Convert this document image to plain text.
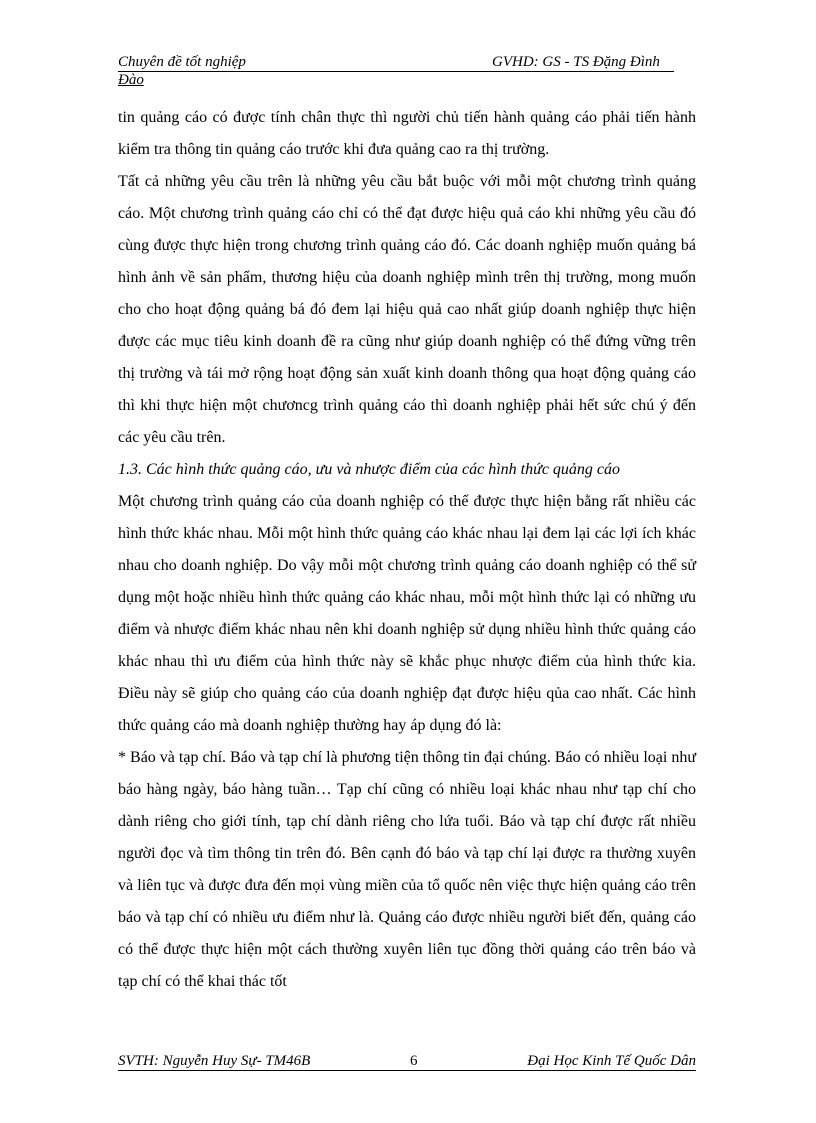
Chuyên đề tốt nghiệp	GVHD: GS - TS Đặng Đình
Đào

tin quảng cáo có được tính chân thực thì người chủ tiến hành quảng cáo phải tiến hành kiểm tra thông tin quảng cáo trước khi đưa quảng cao ra thị trường.

Tất cả những yêu cầu trên là những yêu cầu bắt buộc với mỗi một chương trình quảng cáo. Một chương trình quảng cáo chỉ có thể đạt được hiệu quả cáo khi những yêu cầu đó cùng được thực hiện trong chương trình quảng cáo đó. Các doanh nghiệp muốn quảng bá hình ảnh về sản phẩm, thương hiệu của doanh nghiệp mình trên thị trường, mong muốn cho cho hoạt động quảng bá đó đem lại hiệu quả cao nhất giúp doanh nghiệp thực hiện được các mục tiêu kinh doanh đề ra cũng như giúp doanh nghiệp có thể đứng vững trên thị trường và tái mở rộng hoạt động sản xuất kinh doanh thông qua hoạt động quảng cáo thì khi thực hiện một chươncg trình quảng cáo thì doanh nghiệp phải hết sức chú ý đến các yêu cầu trên.

1.3. Các hình thức quảng cáo, ưu và nhược điểm của các hình thức quảng cáo

Một chương trình quảng cáo của doanh nghiệp có thể được thực hiện bằng rất nhiều các hình thức khác nhau. Mỗi một hình thức quảng cáo khác nhau lại đem lại các lợi ích khác nhau cho doanh nghiệp. Do vậy mỗi một chương trình quảng cáo doanh nghiệp có thể sử dụng một hoặc nhiều hình thức quảng cáo khác nhau, mỗi một hình thức lại có những ưu điểm và nhược điểm khác nhau nên khi doanh nghiệp sử dụng nhiều hình thức quảng cáo khác nhau thì ưu điểm của hình thức này sẽ khắc phục nhược điểm của hình thức kia. Điều này sẽ giúp cho quảng cáo của doanh nghiệp đạt được hiệu qủa cao nhất. Các hình thức quảng cáo mà doanh nghiệp thường hay áp dụng đó là:

* Báo và tạp chí. Báo và tạp chí là phương tiện thông tin đại chúng. Báo có nhiều loại như báo hàng ngày, báo hàng tuần… Tạp chí cũng có nhiều loại khác nhau như tạp chí cho dành riêng cho giới tính, tạp chí dành riêng cho lứa tuổi. Báo và tạp chí được rất nhiều người đọc và tìm thông tin trên đó. Bên cạnh đó báo và tạp chí lại được ra thường xuyên và liên tục và được đưa đến mọi vùng miền của tổ quốc nên việc thực hiện quảng cáo trên báo và tạp chí có nhiều ưu điểm như là. Quảng cáo được nhiều người biết đến, quảng cáo có thể được thực hiện một cách thường xuyên liên tục đồng thời quảng cáo trên báo và tạp chí có thể khai thác tốt

SVTH: Nguyễn Huy Sự- TM46B	6	Đại Học Kinh Tế Quốc Dân
